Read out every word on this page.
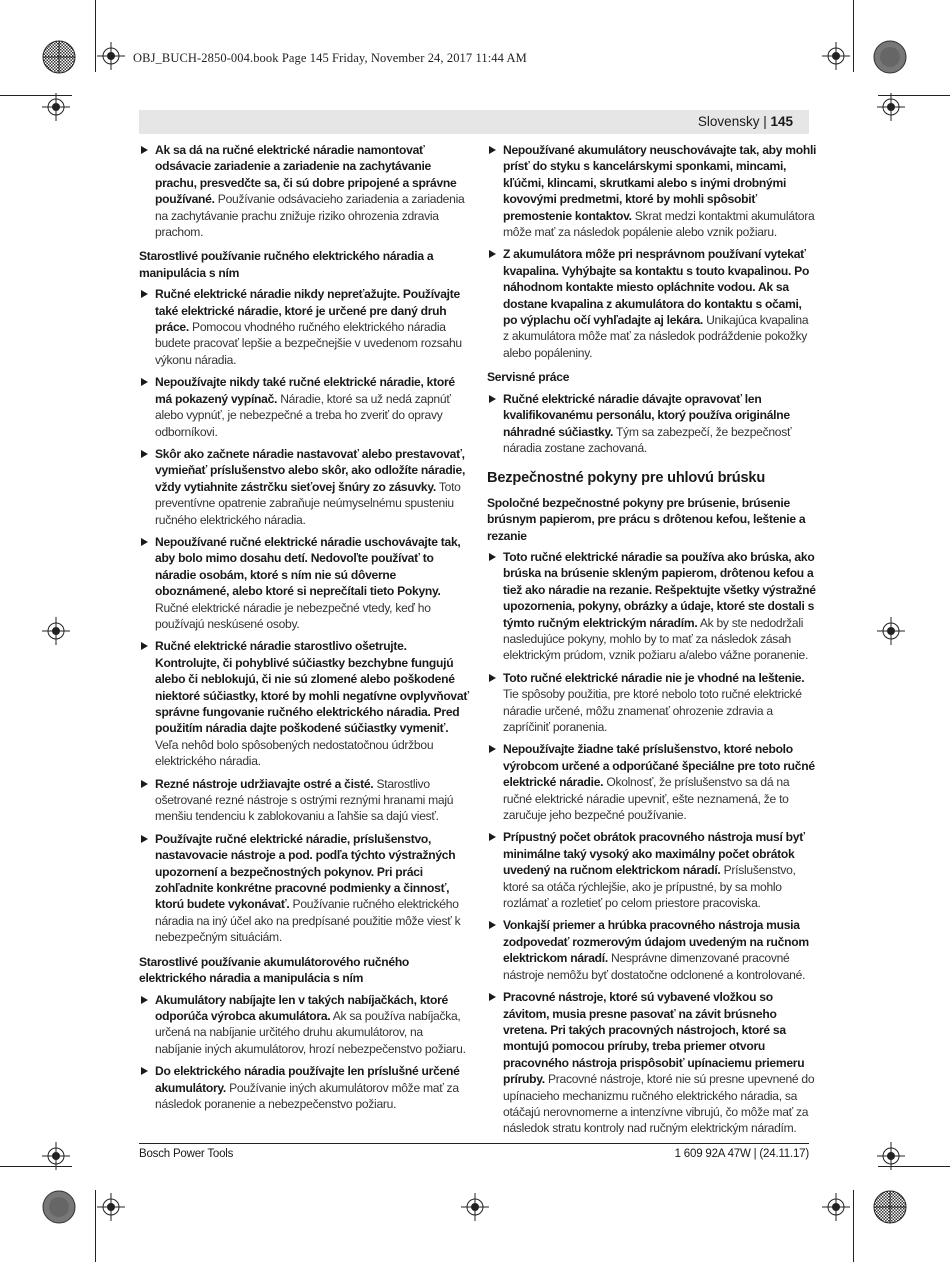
OBJ_BUCH-2850-004.book Page 145 Friday, November 24, 2017 11:44 AM
Slovensky | 145
Ak sa dá na ručné elektrické náradie namontovať odsávacie zariadenie a zariadenie na zachytávanie prachu, presvedčte sa, či sú dobre pripojené a správne používané. Používanie odsávacieho zariadenia a zariadenia na zachytávanie prachu znižuje riziko ohrozenia zdravia prachom.
Starostlivé používanie ručného elektrického náradia a manipulácia s ním
Ručné elektrické náradie nikdy nepreťažujte. Používajte také elektrické náradie, ktoré je určené pre daný druh práce. Pomocou vhodného ručného elektrického náradia budete pracovať lepšie a bezpečnejšie v uvedenom rozsahu výkonu náradia.
Nepoužívajte nikdy také ručné elektrické náradie, ktoré má pokazený vypínač. Náradie, ktoré sa už nedá zapnúť alebo vypnúť, je nebezpečné a treba ho zveriť do opravy odborníkovi.
Skôr ako začnete náradie nastavovať alebo prestavovať, vymieňať príslušenstvo alebo skôr, ako odložíte náradie, vždy vytiahnite zástrčku sieťovej šnúry zo zásuvky. Toto preventívne opatrenie zabraňuje neúmyselnému spusteniu ručného elektrického náradia.
Nepoužívané ručné elektrické náradie uschovávajte tak, aby bolo mimo dosahu detí. Nedovoľte používať to náradie osobám, ktoré s ním nie sú dôverne oboznámené, alebo ktoré si neprečítali tieto Pokyny. Ručné elektrické náradie je nebezpečné vtedy, keď ho používajú neskúsené osoby.
Ručné elektrické náradie starostlivo ošetrujte. Kontrolujte, či pohyblivé súčiastky bezchybne fungujú alebo či neblokujú, či nie sú zlomené alebo poškodené niektoré súčiastky, ktoré by mohli negatívne ovplyvňovať správne fungovanie ručného elektrického náradia. Pred použitím náradia dajte poškodené súčiastky vymeniť. Veľa nehôd bolo spôsobených nedostatočnou údržbou elektrického náradia.
Rezné nástroje udržiavajte ostré a čisté. Starostlivo ošetrované rezné nástroje s ostrými reznými hranami majú menšiu tendenciu k zablokovaniu a ľahšie sa dajú viesť.
Používajte ručné elektrické náradie, príslušenstvo, nastavovacie nástroje a pod. podľa týchto výstražných upozornení a bezpečnostných pokynov. Pri práci zohľadnite konkrétne pracovné podmienky a činnosť, ktorú budete vykonávať. Používanie ručného elektrického náradia na iný účel ako na predpísané použitie môže viesť k nebezpečným situáciám.
Starostlivé používanie akumulátorového ručného elektrického náradia a manipulácia s ním
Akumulátory nabíjajte len v takých nabíjačkách, ktoré odporúča výrobca akumulátora. Ak sa používa nabíjačka, určená na nabíjanie určitého druhu akumulátorov, na nabíjanie iných akumulátorov, hrozí nebezpečenstvo požiaru.
Do elektrického náradia používajte len príslušné určené akumulátory. Používanie iných akumulátorov môže mať za následok poranenie a nebezpečenstvo požiaru.
Nepoužívané akumulátory neuschovávajte tak, aby mohli prísť do styku s kancelárskymi sponkami, mincami, kľúčmi, klincami, skrutkami alebo s inými drobnými kovovými predmetmi, ktoré by mohli spôsobiť premostenie kontaktov. Skrat medzi kontaktmi akumulátora môže mať za následok popálenie alebo vznik požiaru.
Z akumulátora môže pri nesprávnom používaní vytekať kvapalina. Vyhýbajte sa kontaktu s touto kvapalinou. Po náhodnom kontakte miesto opláchnite vodou. Ak sa dostane kvapalina z akumulátora do kontaktu s očami, po výplachu očí vyhľadajte aj lekára. Unikajúca kvapalina z akumulátora môže mať za následok podráždenie pokožky alebo popáleniny.
Servisné práce
Ručné elektrické náradie dávajte opravovať len kvalifikovanému personálu, ktorý používa originálne náhradné súčiastky. Tým sa zabezpečí, že bezpečnosť náradia zostane zachovaná.
Bezpečnostné pokyny pre uhlovú brúsku
Spoločné bezpečnostné pokyny pre brúsenie, brúsenie brúsnym papierom, pre prácu s drôtenou kefou, leštenie a rezanie
Toto ručné elektrické náradie sa používa ako brúska, ako brúska na brúsenie skleným papierom, drôtenou kefou a tiež ako náradie na rezanie. Rešpektujte všetky výstražné upozornenia, pokyny, obrázky a údaje, ktoré ste dostali s týmto ručným elektrickým náradím. Ak by ste nedodržali nasledujúce pokyny, mohlo by to mať za následok zásah elektrickým prúdom, vznik požiaru a/alebo vážne poranenie.
Toto ručné elektrické náradie nie je vhodné na leštenie. Tie spôsoby použitia, pre ktoré nebolo toto ručné elektrické náradie určené, môžu znamenať ohrozenie zdravia a zapríčiniť poranenia.
Nepoužívajte žiadne také príslušenstvo, ktoré nebolo výrobcom určené a odporúčané špeciálne pre toto ručné elektrické náradie. Okolnosť, že príslušenstvo sa dá na ručné elektrické náradie upevniť, ešte neznamená, že to zaručuje jeho bezpečné používanie.
Prípustný počet obrátok pracovného nástroja musí byť minimálne taký vysoký ako maximálny počet obrátok uvedený na ručnom elektrickom náradí. Príslušenstvo, ktoré sa otáča rýchlejšie, ako je prípustné, by sa mohlo rozlámať a rozletieť po celom priestore pracoviska.
Vonkajší priemer a hrúbka pracovného nástroja musia zodpovedať rozmerovým údajom uvedeným na ručnom elektrickom náradí. Nesprávne dimenzované pracovné nástroje nemôžu byť dostatočne odclonené a kontrolované.
Pracovné nástroje, ktoré sú vybavené vložkou so závitom, musia presne pasovať na závit brúsneho vretena. Pri takých pracovných nástrojoch, ktoré sa montujú pomocou príruby, treba priemer otvoru pracovného nástroja prispôsobiť upínaciemu priemeru príruby. Pracovné nástroje, ktoré nie sú presne upevnené do upínacieho mechanizmu ručného elektrického náradia, sa otáčajú nerovnomerne a intenzívne vibrujú, čo môže mať za následok stratu kontroly nad ručným elektrickým náradím.
Bosch Power Tools	1 609 92A 47W | (24.11.17)
